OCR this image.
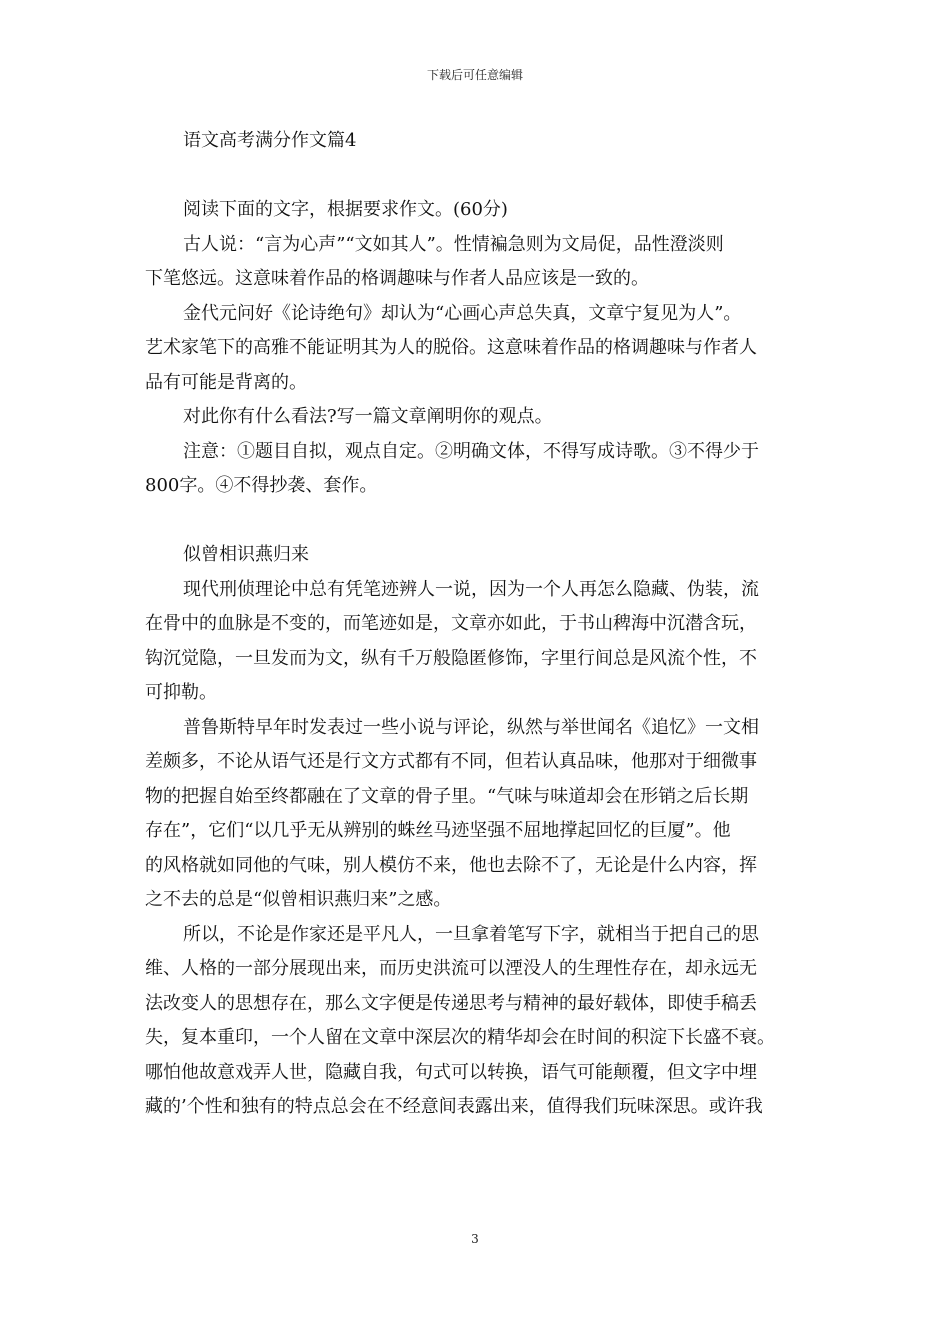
下载后可任意编辑
语文高考满分作文篇4
阅读下面的文字，根据要求作文。(60分)
古人说：“言为心声”“文如其人”。性情褊急则为文局促，品性澄淡则
下笔悠远。这意味着作品的格调趣味与作者人品应该是一致的。
金代元问好《论诗绝句》却认为“心画心声总失真，文章宁复见为人”。
艺术家笔下的高雅不能证明其为人的脱俗。这意味着作品的格调趣味与作者人
品有可能是背离的。
对此你有什么看法?写一篇文章阐明你的观点。
注意：①题目自拟，观点自定。②明确文体，不得写成诗歌。③不得少于
800字。④不得抄袭、套作。
似曾相识燕归来
现代刑侦理论中总有凭笔迹辨人一说，因为一个人再怎么隐藏、伪装，流
在骨中的血脉是不变的，而笔迹如是，文章亦如此，于书山稗海中沉潜含玩，
钩沉觉隐，一旦发而为文，纵有千万般隐匿修饰，字里行间总是风流个性，不
可抑勒。
普鲁斯特早年时发表过一些小说与评论，纵然与举世闻名《追忆》一文相
差颇多，不论从语气还是行文方式都有不同，但若认真品味，他那对于细微事
物的把握自始至终都融在了文章的骨子里。“气味与味道却会在形销之后长期
存在”，它们“以几乎无从辨别的蛛丝马迹坚强不屈地撑起回忆的巨厦”。他
的风格就如同他的气味，别人模仿不来，他也去除不了，无论是什么内容，挥
之不去的总是“似曾相识燕归来”之感。
所以，不论是作家还是平凡人，一旦拿着笔写下字，就相当于把自己的思
维、人格的一部分展现出来，而历史洪流可以湮没人的生理性存在，却永远无
法改变人的思想存在，那么文字便是传递思考与精神的最好载体，即使手稿丢
失，复本重印，一个人留在文章中深层次的精华却会在时间的积淀下长盛不衰。
哪怕他故意戏弄人世，隐藏自我，句式可以转换，语气可能颠覆，但文字中埋
藏的’个性和独有的特点总会在不经意间表露出来，值得我们玩味深思。或许我
3
